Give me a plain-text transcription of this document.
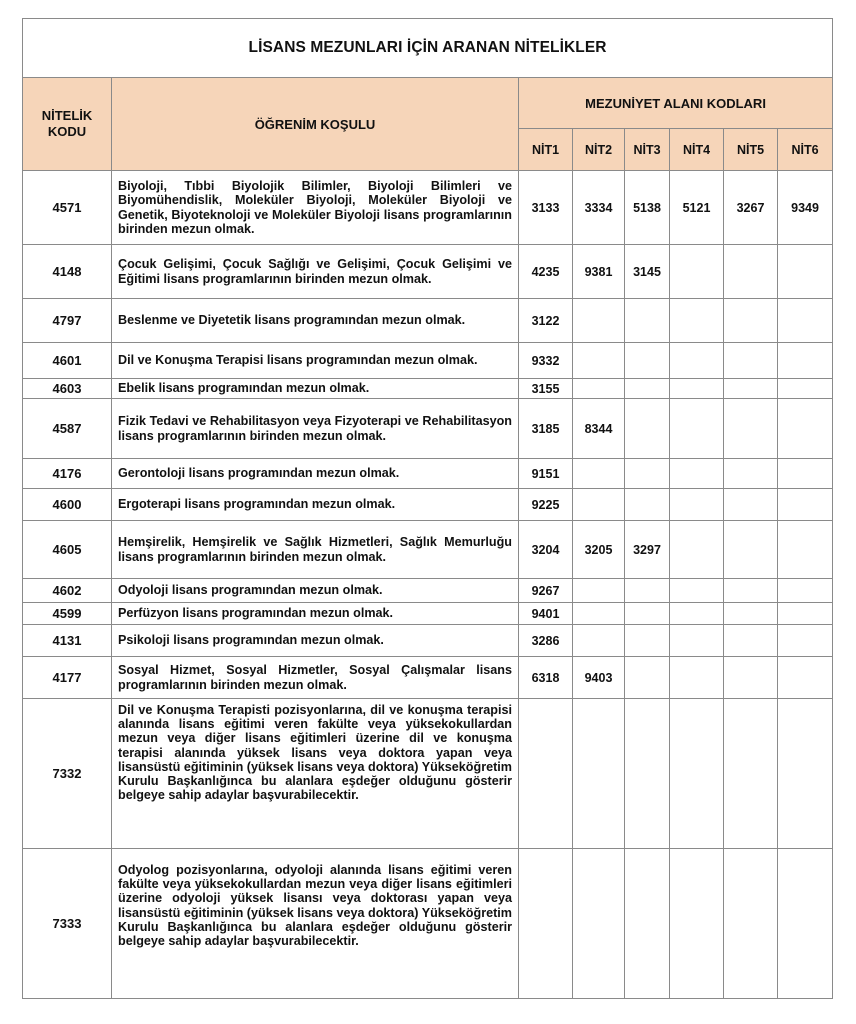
LİSANS MEZUNLARI İÇİN ARANAN NİTELİKLER							
NİTELİK KODU	ÖĞRENİM KOŞULU	MEZUNİYET ALANI KODLARI					
		NİT1	NİT2	NİT3	NİT4	NİT5	NİT6
4571	Biyoloji, Tıbbi Biyolojik Bilimler, Biyoloji Bilimleri ve Biyomühendislik, Moleküler Biyoloji, Moleküler Biyoloji ve Genetik, Biyoteknoloji ve Moleküler Biyoloji lisans programlarının birinden mezun olmak.	3133	3334	5138	5121	3267	9349
4148	Çocuk Gelişimi, Çocuk Sağlığı ve Gelişimi, Çocuk Gelişimi ve Eğitimi lisans programlarının birinden mezun olmak.	4235	9381	3145			
4797	Beslenme ve Diyetetik lisans programından mezun olmak.	3122					
4601	Dil ve Konuşma Terapisi lisans programından mezun olmak.	9332					
4603	Ebelik lisans programından mezun olmak.	3155					
4587	Fizik Tedavi ve Rehabilitasyon veya Fizyoterapi ve Rehabilitasyon lisans programlarının birinden mezun olmak.	3185	8344				
4176	Gerontoloji lisans programından mezun olmak.	9151					
4600	Ergoterapi lisans programından mezun olmak.	9225					
4605	Hemşirelik, Hemşirelik ve Sağlık Hizmetleri, Sağlık Memurluğu lisans programlarının birinden mezun olmak.	3204	3205	3297			
4602	Odyoloji lisans programından mezun olmak.	9267					
4599	Perfüzyon lisans programından mezun olmak.	9401					
4131	Psikoloji lisans programından mezun olmak.	3286					
4177	Sosyal Hizmet, Sosyal Hizmetler, Sosyal Çalışmalar lisans programlarının birinden mezun olmak.	6318	9403				
7332	Dil ve Konuşma Terapisti pozisyonlarına, dil ve konuşma terapisi alanında lisans eğitimi veren fakülte veya yüksekokullardan mezun veya diğer lisans eğitimleri üzerine dil ve konuşma terapisi alanında yüksek lisans veya doktora yapan veya lisansüstü eğitiminin (yüksek lisans veya doktora) Yükseköğretim Kurulu Başkanlığınca bu alanlara eşdeğer olduğunu gösterir belgeye sahip adaylar başvurabilecektir.						
7333	Odyolog pozisyonlarına, odyoloji alanında lisans eğitimi veren fakülte veya yüksekokullardan mezun veya diğer lisans eğitimleri üzerine odyoloji yüksek lisansı veya doktorası yapan veya lisansüstü eğitiminin (yüksek lisans veya doktora) Yükseköğretim Kurulu Başkanlığınca bu alanlara eşdeğer olduğunu gösterir belgeye sahip adaylar başvurabilecektir.						
